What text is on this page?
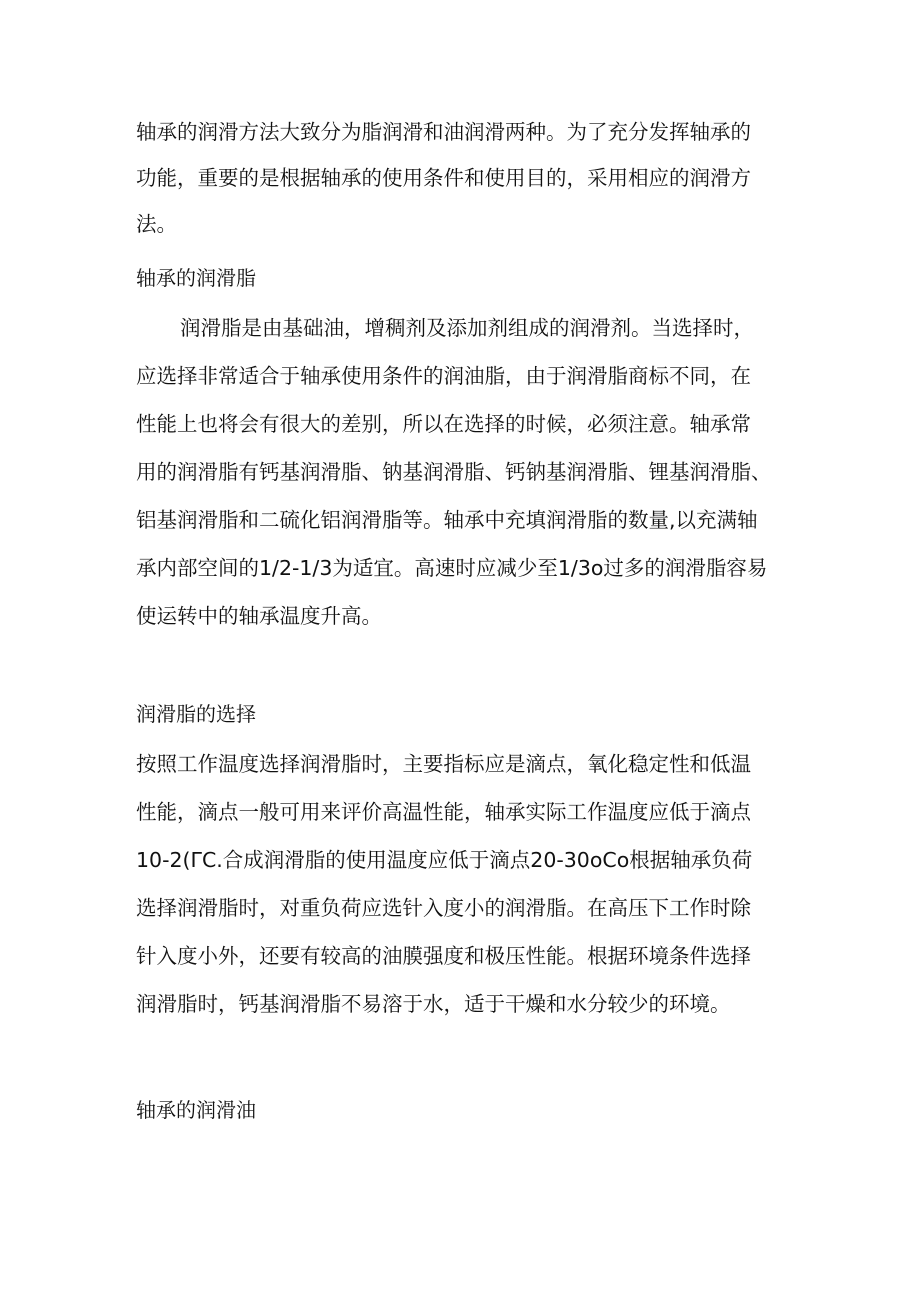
轴承的润滑方法大致分为脂润滑和油润滑两种。为了充分发挥轴承的
功能，重要的是根据轴承的使用条件和使用目的，采用相应的润滑方
法。
轴承的润滑脂
润滑脂是由基础油，增稠剂及添加剂组成的润滑剂。当选择时，
应选择非常适合于轴承使用条件的润油脂，由于润滑脂商标不同，在
性能上也将会有很大的差别，所以在选择的时候，必须注意。轴承常
用的润滑脂有钙基润滑脂、钠基润滑脂、钙钠基润滑脂、锂基润滑脂、
铝基润滑脂和二硫化铝润滑脂等。轴承中充填润滑脂的数量,以充满轴
承内部空间的1/2-1/3为适宜。高速时应减少至1/3o过多的润滑脂容易
使运转中的轴承温度升高。
润滑脂的选择
按照工作温度选择润滑脂时，主要指标应是滴点，氧化稳定性和低温
性能，滴点一般可用来评价高温性能，轴承实际工作温度应低于滴点
10-2(ΓC.合成润滑脂的使用温度应低于滴点20-30oCo根据轴承负荷
选择润滑脂时，对重负荷应选针入度小的润滑脂。在高压下工作时除
针入度小外，还要有较高的油膜强度和极压性能。根据环境条件选择
润滑脂时，钙基润滑脂不易溶于水，适于干燥和水分较少的环境。
轴承的润滑油
